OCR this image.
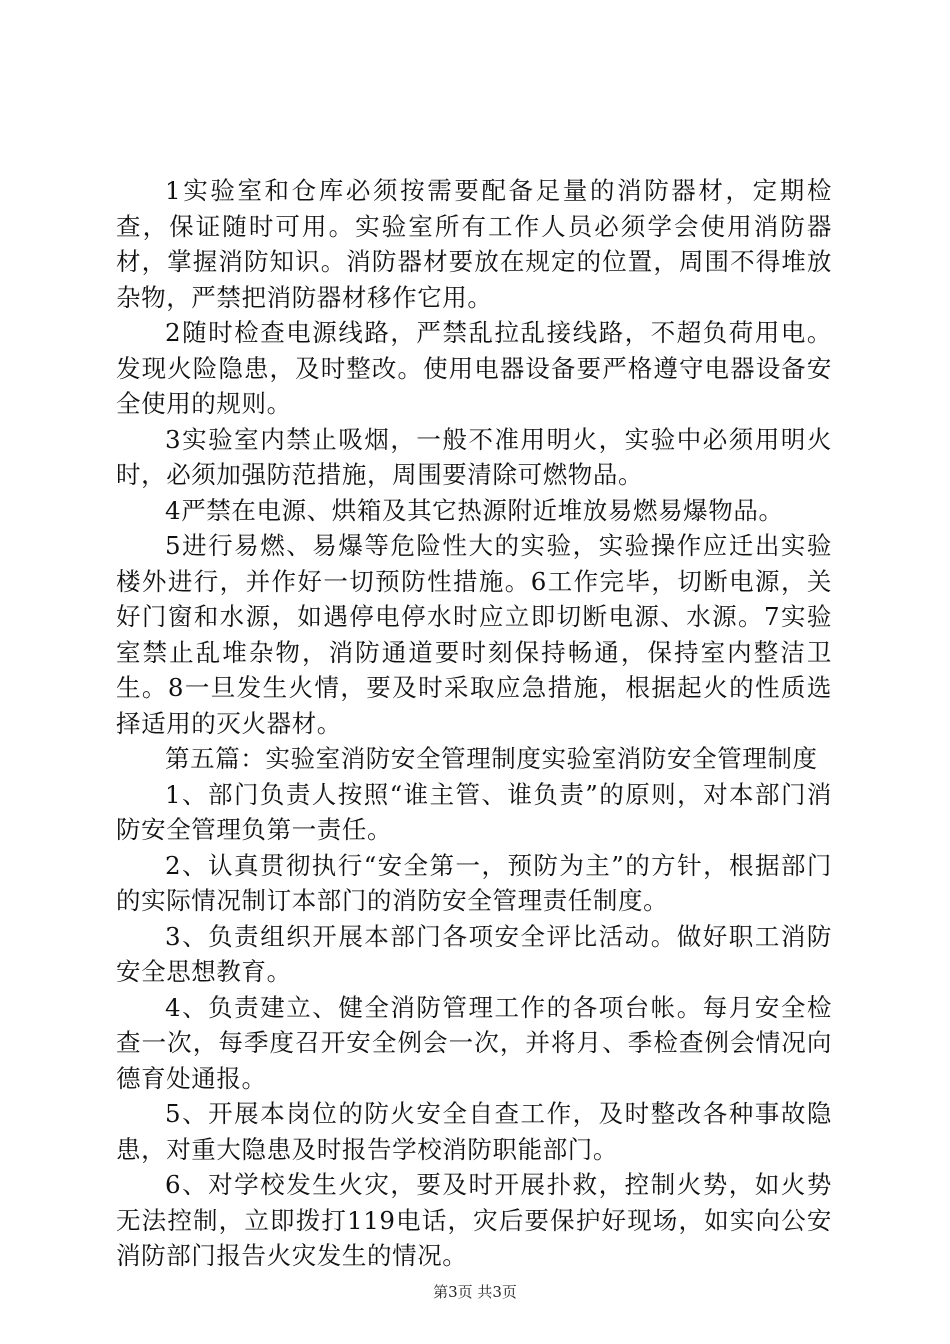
1实验室和仓库必须按需要配备足量的消防器材，定期检查，保证随时可用。实验室所有工作人员必须学会使用消防器材，掌握消防知识。消防器材要放在规定的位置，周围不得堆放杂物，严禁把消防器材移作它用。

2随时检查电源线路，严禁乱拉乱接线路，不超负荷用电。发现火险隐患，及时整改。使用电器设备要严格遵守电器设备安全使用的规则。

3实验室内禁止吸烟，一般不准用明火，实验中必须用明火时，必须加强防范措施，周围要清除可燃物品。

4严禁在电源、烘箱及其它热源附近堆放易燃易爆物品。

5进行易燃、易爆等危险性大的实验，实验操作应迁出实验楼外进行，并作好一切预防性措施。6工作完毕，切断电源，关好门窗和水源，如遇停电停水时应立即切断电源、水源。7实验室禁止乱堆杂物，消防通道要时刻保持畅通，保持室内整洁卫生。8一旦发生火情，要及时采取应急措施，根据起火的性质选择适用的灭火器材。

第五篇：实验室消防安全管理制度实验室消防安全管理制度

1、部门负责人按照“谁主管、谁负责”的原则，对本部门消防安全管理负第一责任。

2、认真贯彻执行“安全第一，预防为主”的方针，根据部门的实际情况制订本部门的消防安全管理责任制度。

3、负责组织开展本部门各项安全评比活动。做好职工消防安全思想教育。

4、负责建立、健全消防管理工作的各项台帐。每月安全检查一次，每季度召开安全例会一次，并将月、季检查例会情况向德育处通报。

5、开展本岗位的防火安全自查工作，及时整改各种事故隐患，对重大隐患及时报告学校消防职能部门。

6、对学校发生火灾，要及时开展扑救，控制火势，如火势无法控制，立即拨打119电话，灾后要保护好现场，如实向公安消防部门报告火灾发生的情况。

第3页 共3页
